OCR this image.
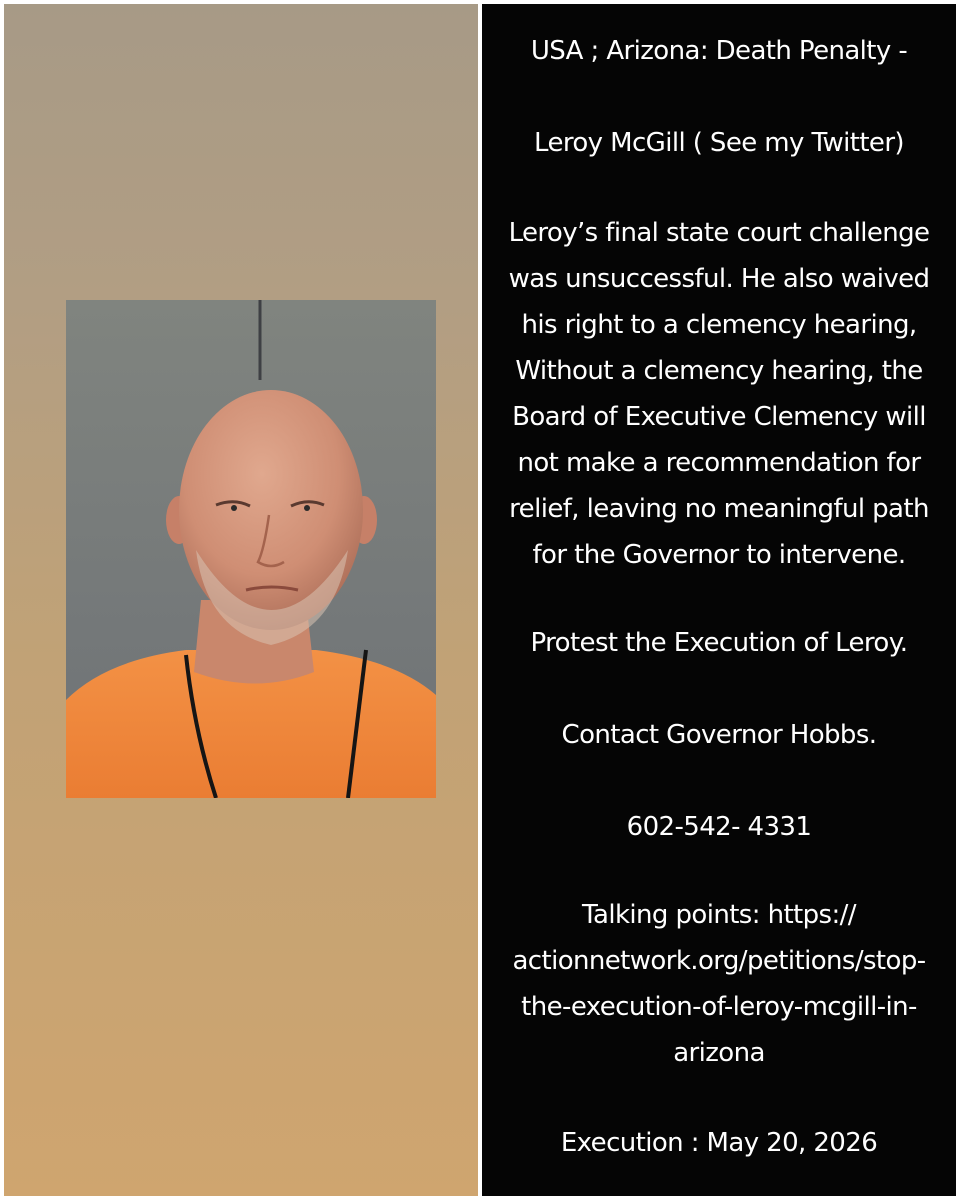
USA ; Arizona: Death Penalty -
Leroy McGill ( See my Twitter)
Leroy’s final state court challenge
was unsuccessful. He also waived
his right to a clemency hearing,
Without a clemency hearing, the
Board of Executive Clemency will
not make a recommendation for
relief, leaving no meaningful path
for the Governor to intervene.
Protest the Execution of Leroy.
Contact Governor Hobbs.
602-542- 4331
Talking points: https://
actionnetwork.org/petitions/stop-
the-execution-of-leroy-mcgill-in-
arizona
Execution : May 20, 2026
